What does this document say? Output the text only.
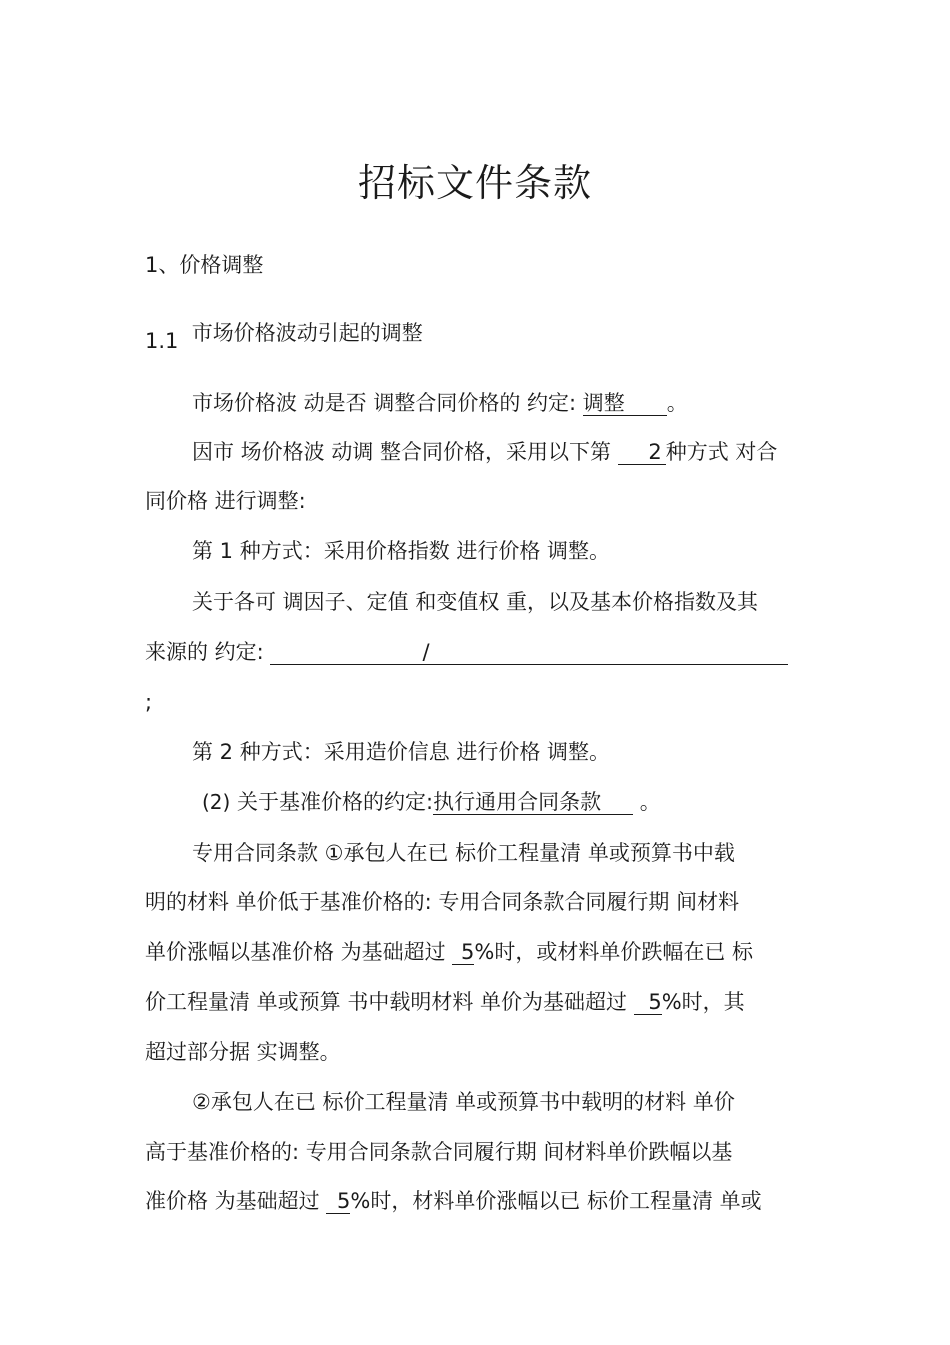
招标文件条款
1、价格调整
1.1 市场价格波动引起的调整
市场价格波 动是否 调整合同价格的 约定: 调整 。
因市 场价格波 动调 整合同价格，采用以下第 2 种方式 对合
同价格 进行调整:
第 1 种方式：采用价格指数 进行价格 调整。
关于各可 调因子、定值 和变值权 重，以及基本价格指数及其
来源的 约定:	/
;
第 2 种方式：采用造价信息 进行价格 调整。
(2) 关于基准价格的约定:执行通用合同条款 。
专用合同条款 ①承包人在已 标价工程量清 单或预算书中载
明的材料 单价低于基准价格的: 专用合同条款合同履行期 间材料
单价涨幅以基准价格 为基础超过 5%时，或材料单价跌幅在已 标
价工程量清 单或预算 书中载明材料 单价为基础超过 5%时，其
超过部分据 实调整。
②承包人在已 标价工程量清 单或预算书中载明的材料 单价
高于基准价格的: 专用合同条款合同履行期 间材料单价跌幅以基
准价格 为基础超过 5%时，材料单价涨幅以已 标价工程量清 单或
